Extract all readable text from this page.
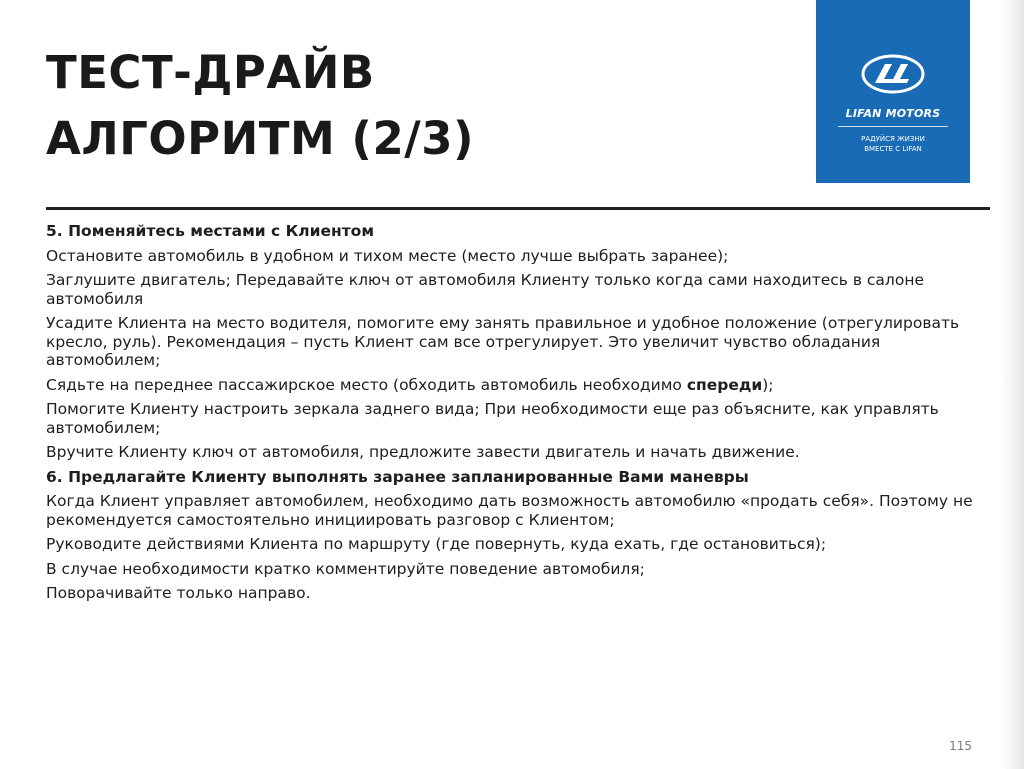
ТЕСТ-ДРАЙВ
АЛГОРИТМ (2/3)	LIFAN MOTORS
РАДУЙСЯ ЖИЗНИ
ВМЕСТЕ С LIFAN

5. Поменяйтесь местами с Клиентом

Остановите автомобиль в удобном и тихом месте (место лучше выбрать заранее);

Заглушите двигатель; Передавайте ключ от автомобиля Клиенту только когда сами находитесь в салоне автомобиля

Усадите Клиента на место водителя, помогите ему занять правильное и удобное положение (отрегулировать кресло, руль). Рекомендация – пусть Клиент сам все отрегулирует. Это увеличит чувство обладания автомобилем;

Сядьте на переднее пассажирское место (обходить автомобиль необходимо спереди);

Помогите Клиенту настроить зеркала заднего вида; При необходимости еще раз объясните, как управлять автомобилем;

Вручите Клиенту ключ от автомобиля, предложите завести двигатель и начать движение.

6. Предлагайте Клиенту выполнять заранее запланированные Вами маневры

Когда Клиент управляет автомобилем, необходимо дать возможность автомобилю «продать себя». Поэтому не рекомендуется самостоятельно инициировать разговор с Клиентом;

Руководите действиями Клиента по маршруту (где повернуть, куда ехать, где остановиться);

В случае необходимости кратко комментируйте поведение автомобиля;

Поворачивайте только направо.

115
